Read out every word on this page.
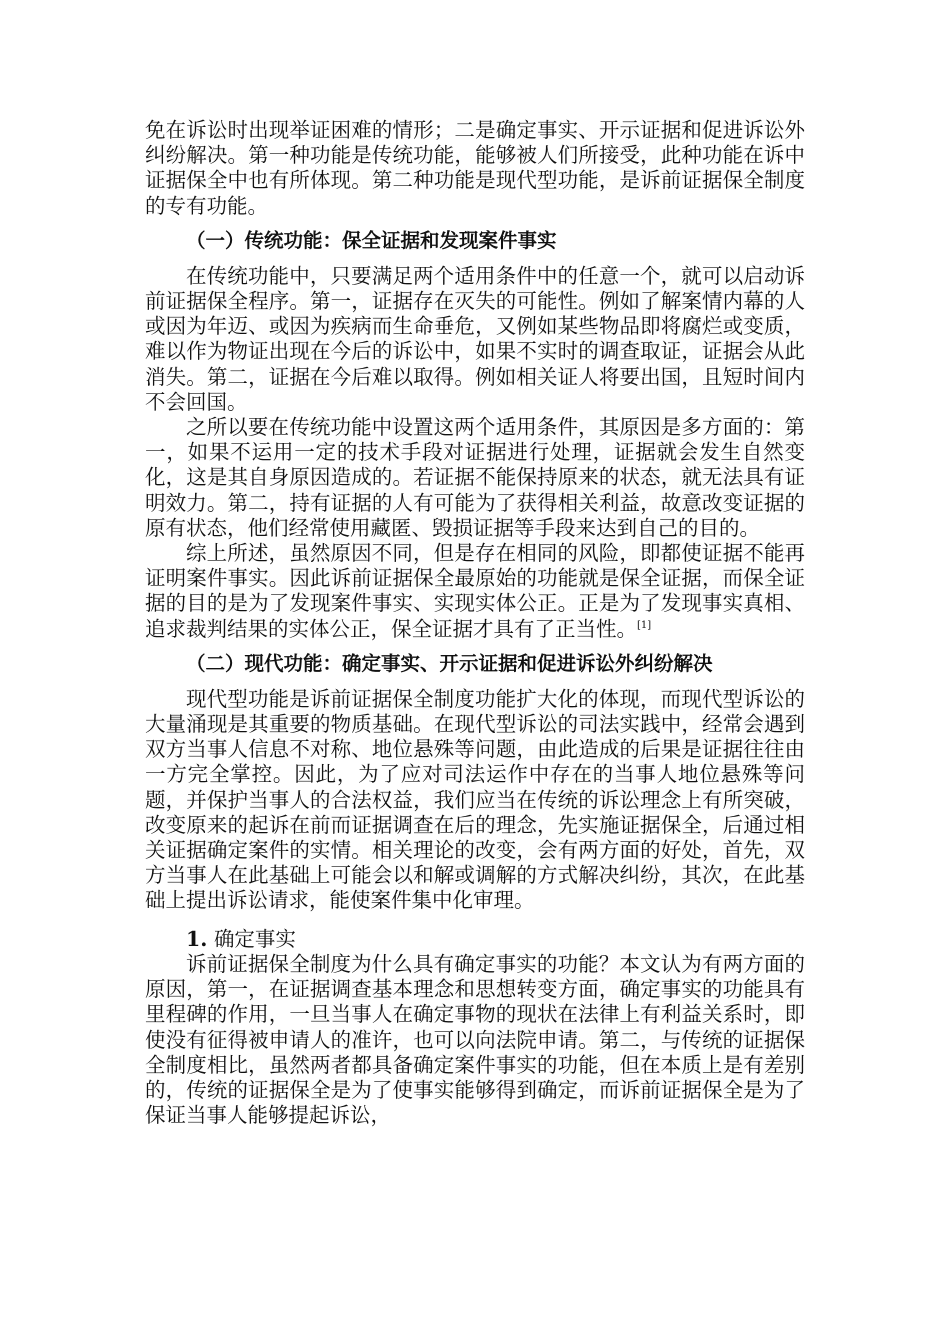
免在诉讼时出现举证困难的情形；二是确定事实、开示证据和促进诉讼外纠纷解决。第一种功能是传统功能，能够被人们所接受，此种功能在诉中证据保全中也有所体现。第二种功能是现代型功能，是诉前证据保全制度的专有功能。

（一）传统功能：保全证据和发现案件事实

在传统功能中，只要满足两个适用条件中的任意一个，就可以启动诉前证据保全程序。第一，证据存在灭失的可能性。例如了解案情内幕的人或因为年迈、或因为疾病而生命垂危，又例如某些物品即将腐烂或变质，难以作为物证出现在今后的诉讼中，如果不实时的调查取证，证据会从此消失。第二，证据在今后难以取得。例如相关证人将要出国，且短时间内不会回国。

之所以要在传统功能中设置这两个适用条件，其原因是多方面的：第一，如果不运用一定的技术手段对证据进行处理，证据就会发生自然变化，这是其自身原因造成的。若证据不能保持原来的状态，就无法具有证明效力。第二，持有证据的人有可能为了获得相关利益，故意改变证据的原有状态，他们经常使用藏匿、毁损证据等手段来达到自己的目的。

综上所述，虽然原因不同，但是存在相同的风险，即都使证据不能再证明案件事实。因此诉前证据保全最原始的功能就是保全证据，而保全证据的目的是为了发现案件事实、实现实体公正。正是为了发现事实真相、追求裁判结果的实体公正，保全证据才具有了正当性。[1]

（二）现代功能：确定事实、开示证据和促进诉讼外纠纷解决

现代型功能是诉前证据保全制度功能扩大化的体现，而现代型诉讼的大量涌现是其重要的物质基础。在现代型诉讼的司法实践中，经常会遇到双方当事人信息不对称、地位悬殊等问题，由此造成的后果是证据往往由一方完全掌控。因此，为了应对司法运作中存在的当事人地位悬殊等问题，并保护当事人的合法权益，我们应当在传统的诉讼理念上有所突破，改变原来的起诉在前而证据调查在后的理念，先实施证据保全，后通过相关证据确定案件的实情。相关理论的改变，会有两方面的好处，首先，双方当事人在此基础上可能会以和解或调解的方式解决纠纷，其次，在此基础上提出诉讼请求，能使案件集中化审理。

1. 确定事实

诉前证据保全制度为什么具有确定事实的功能？本文认为有两方面的原因，第一，在证据调查基本理念和思想转变方面，确定事实的功能具有里程碑的作用，一旦当事人在确定事物的现状在法律上有利益关系时，即使没有征得被申请人的准许，也可以向法院申请。第二，与传统的证据保全制度相比，虽然两者都具备确定案件事实的功能，但在本质上是有差别的，传统的证据保全是为了使事实能够得到确定，而诉前证据保全是为了保证当事人能够提起诉讼，
